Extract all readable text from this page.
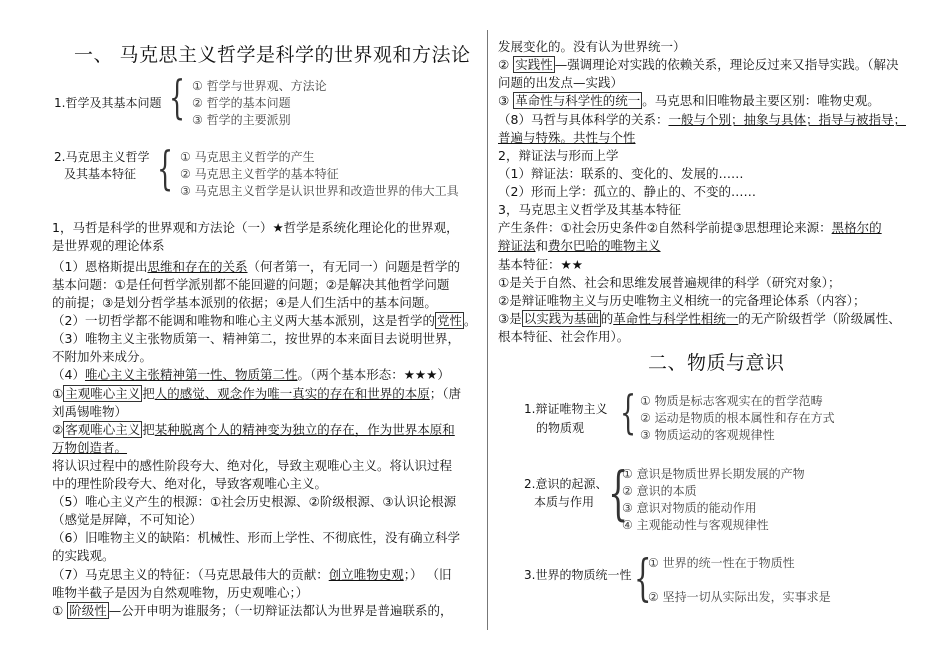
一、 马克思主义哲学是科学的世界观和方法论
1.哲学及其基本问题 { ① 哲学与世界观、方法论
② 哲学的基本问题
③ 哲学的主要派别
2.马克思主义哲学
及其基本特征 { ① 马克思主义哲学的产生
② 马克思主义哲学的基本特征
③ 马克思主义哲学是认识世界和改造世界的伟大工具
1，马哲是科学的世界观和方法论（一）★哲学是系统化理论化的世界观，
是世界观的理论体系
（1）恩格斯提出思维和存在的关系（何者第一，有无同一）问题是哲学的
基本问题：①是任何哲学派别都不能回避的问题；②是解决其他哲学问题
的前提；③是划分哲学基本派别的依据；④是人们生活中的基本问题。
（2）一切哲学都不能调和唯物和唯心主义两大基本派别，这是哲学的 党性 。
（3）唯物主义主张物质第一、精神第二，按世界的本来面目去说明世界，
不附加外来成分。
（4）唯心主义主张精神第一性、物质第二性。（两个基本形态：★★★）
① 主观唯心主义 把人的感觉、观念作为唯一真实的存在和世界的本原；（唐
刘禹锡唯物）
② 客观唯心主义 把某种脱离个人的精神变为独立的存在，作为世界本原和
万物创造者。
将认识过程中的感性阶段夸大、绝对化，导致主观唯心主义。将认识过程
中的理性阶段夸大、绝对化，导致客观唯心主义。
（5）唯心主义产生的根源：①社会历史根源、②阶级根源、③认识论根源
（感觉是屏障，不可知论）
（6）旧唯物主义的缺陷：机械性、形而上学性、不彻底性，没有确立科学
的实践观。
（7）马克思主义的特征：（马克思最伟大的贡献：创立唯物史观；） （旧
唯物半截子是因为自然观唯物，历史观唯心；）
① 阶级性 —公开申明为谁服务；（一切辩证法都认为世界是普遍联系的，
发展变化的。没有认为世界统一）
② 实践性 —强调理论对实践的依赖关系，理论反过来又指导实践。（解决
问题的出发点—实践）
③ 革命性与科学性的统一 。马克思和旧唯物最主要区别：唯物史观。
（8）马哲与具体科学的关系：一般与个别；抽象与具体；指导与被指导；
普遍与特殊。共性与个性
2，辩证法与形而上学
（1）辩证法：联系的、变化的、发展的……
（2）形而上学：孤立的、静止的、不变的……
3，马克思主义哲学及其基本特征
产生条件：①社会历史条件②自然科学前提③思想理论来源：黑格尔的
辩证法和费尔巴哈的唯物主义
基本特征：★★
①是关于自然、社会和思维发展普遍规律的科学（研究对象）；
②是辩证唯物主义与历史唯物主义相统一的完备理论体系（内容）；
③是 以实践为基础 的革命性与科学性相统一的无产阶级哲学（阶级属性、
根本特征、社会作用）。
二、物质与意识
1.辩证唯物主义
的物质观 { ① 物质是标志客观实在的哲学范畴
② 运动是物质的根本属性和存在方式
③ 物质运动的客观规律性
2.意识的起源、
本质与作用 {
① 意识是物质世界长期发展的产物
② 意识的本质
③ 意识对物质的能动作用
④ 主观能动性与客观规律性
3.世界的物质统一性 {
① 世界的统一性在于物质性
② 坚持一切从实际出发，实事求是
